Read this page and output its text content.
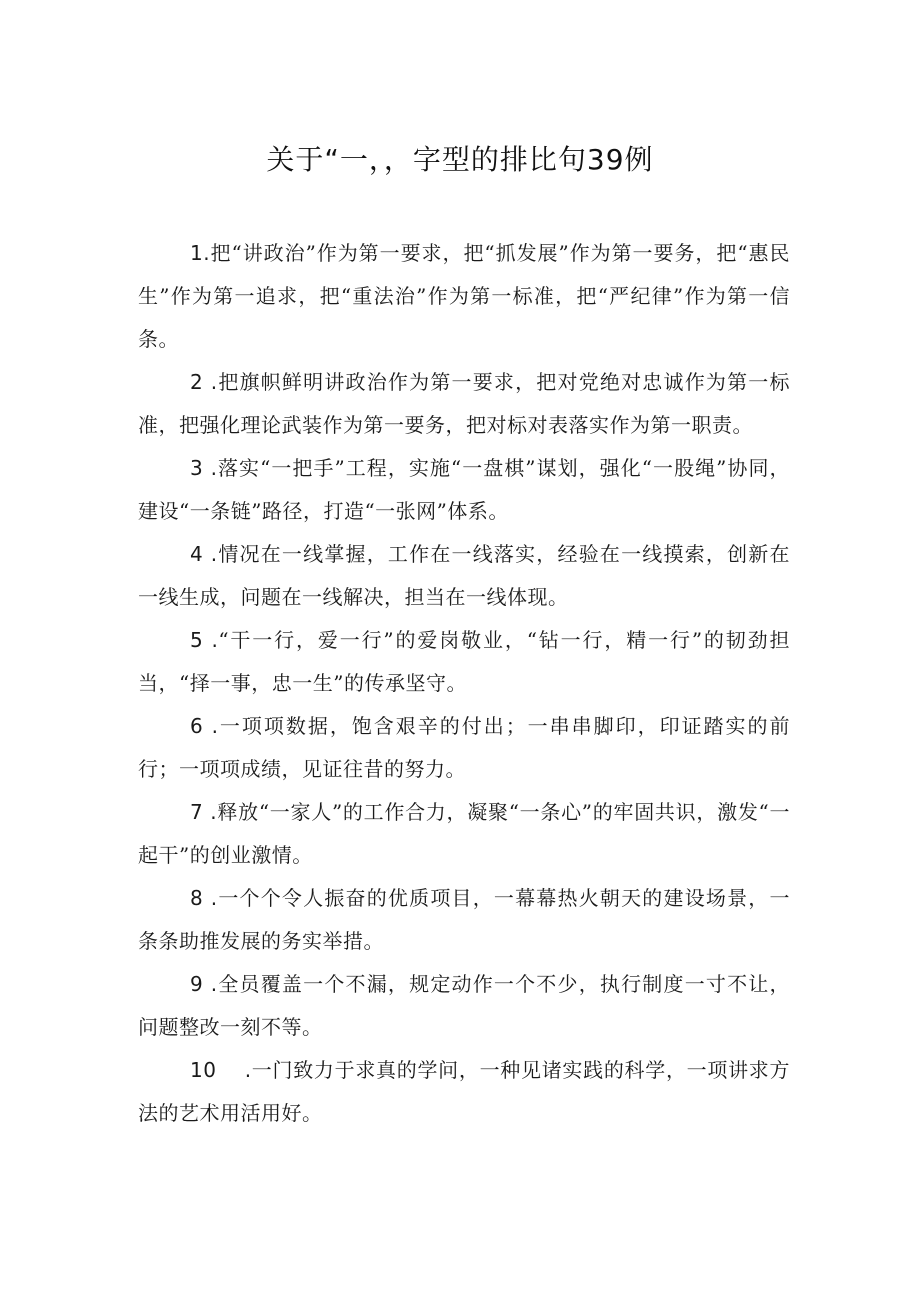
关于“一，，字型的排比句39例

1.把“讲政治”作为第一要求，把“抓发展”作为第一要务，把“惠民生”作为第一追求，把“重法治”作为第一标准，把“严纪律”作为第一信条。

2 .把旗帜鲜明讲政治作为第一要求，把对党绝对忠诚作为第一标准，把强化理论武装作为第一要务，把对标对表落实作为第一职责。

3 .落实“一把手”工程，实施“一盘棋”谋划，强化“一股绳”协同，建设“一条链”路径，打造“一张网”体系。

4 .情况在一线掌握，工作在一线落实，经验在一线摸索，创新在一线生成，问题在一线解决，担当在一线体现。

5 .“干一行，爱一行”的爱岗敬业，“钻一行，精一行”的韧劲担当，“择一事，忠一生”的传承坚守。

6 .一项项数据，饱含艰辛的付出；一串串脚印，印证踏实的前行；一项项成绩，见证往昔的努力。

7 .释放“一家人”的工作合力，凝聚“一条心”的牢固共识，激发“一起干”的创业激情。

8 .一个个令人振奋的优质项目，一幕幕热火朝天的建设场景，一条条助推发展的务实举措。

9 .全员覆盖一个不漏，规定动作一个不少，执行制度一寸不让，问题整改一刻不等。

10    .一门致力于求真的学问，一种见诸实践的科学，一项讲求方法的艺术用活用好。
